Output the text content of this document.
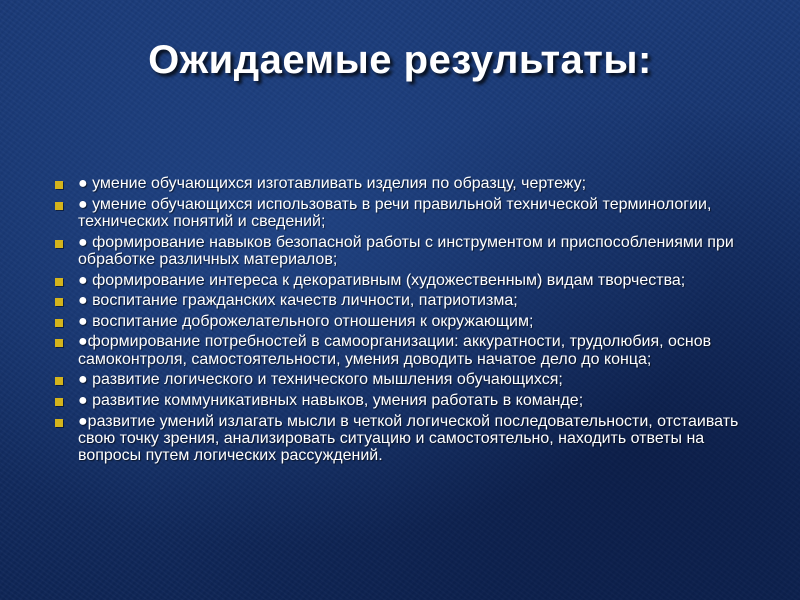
Ожидаемые результаты:
● умение обучающихся изготавливать изделия по образцу, чертежу;
● умение обучающихся использовать в речи правильной технической терминологии, технических понятий и сведений;
● формирование навыков безопасной работы с инструментом и приспособлениями при обработке различных материалов;
● формирование интереса к декоративным (художественным) видам творчества;
● воспитание гражданских качеств личности, патриотизма;
● воспитание доброжелательного отношения к окружающим;
●формирование потребностей в самоорганизации: аккуратности, трудолюбия, основ самоконтроля, самостоятельности, умения доводить начатое дело до конца;
● развитие логического и технического мышления обучающихся;
● развитие коммуникативных навыков, умения работать в команде;
●развитие умений излагать мысли в четкой логической последовательности, отстаивать свою точку зрения, анализировать ситуацию и самостоятельно, находить ответы на вопросы путем логических рассуждений.
